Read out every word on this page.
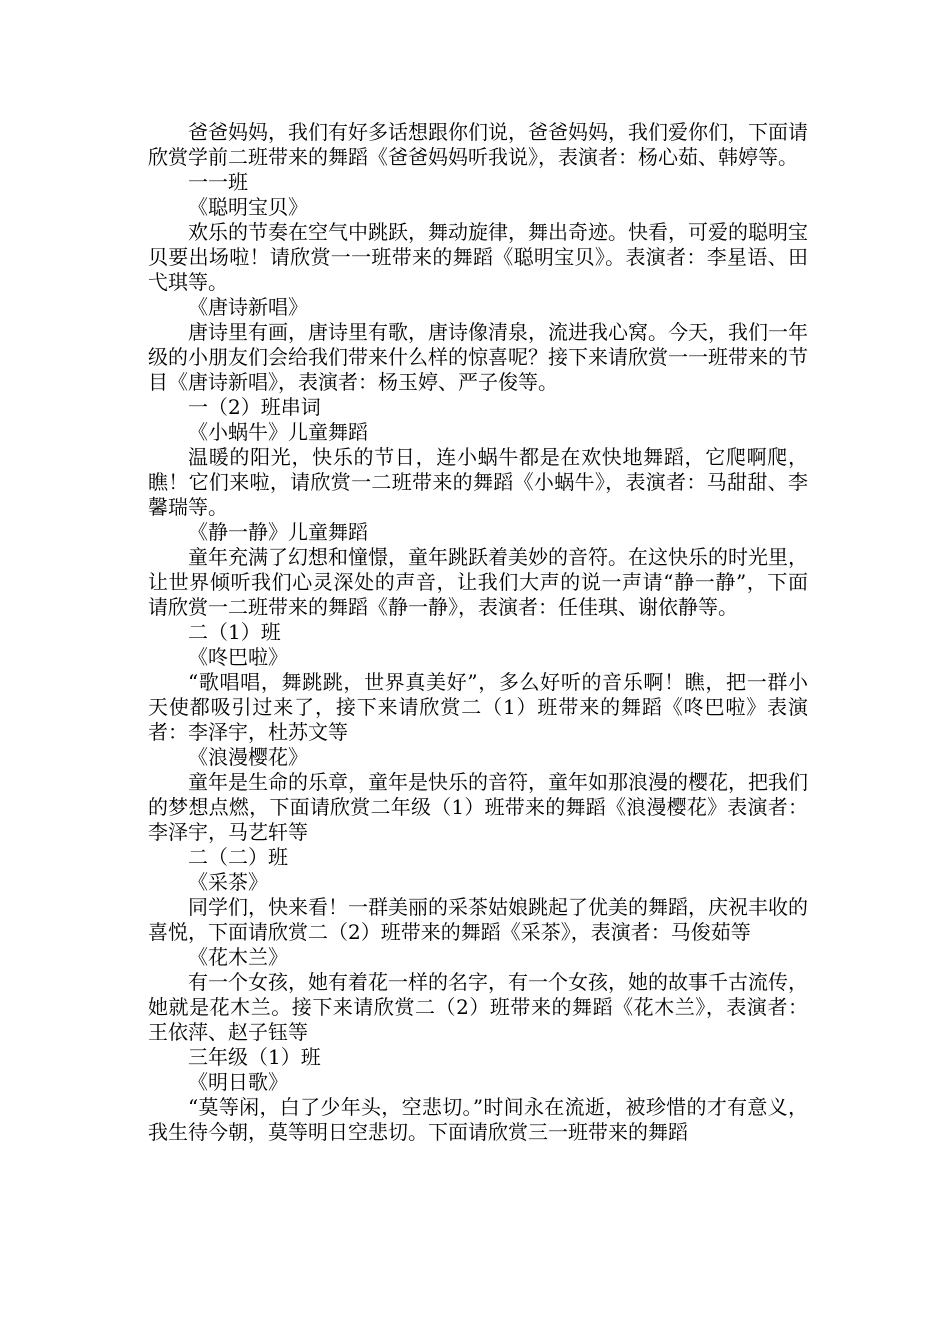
爸爸妈妈，我们有好多话想跟你们说，爸爸妈妈，我们爱你们，下面请欣赏学前二班带来的舞蹈《爸爸妈妈听我说》，表演者：杨心茹、韩婷等。

一一班

《聪明宝贝》

欢乐的节奏在空气中跳跃，舞动旋律，舞出奇迹。快看，可爱的聪明宝贝要出场啦！请欣赏一一班带来的舞蹈《聪明宝贝》。表演者：李星语、田弋琪等。

《唐诗新唱》

唐诗里有画，唐诗里有歌，唐诗像清泉，流进我心窝。今天，我们一年级的小朋友们会给我们带来什么样的惊喜呢？接下来请欣赏一一班带来的节目《唐诗新唱》，表演者：杨玉婷、严子俊等。

一（2）班串词

《小蜗牛》儿童舞蹈

温暖的阳光，快乐的节日，连小蜗牛都是在欢快地舞蹈，它爬啊爬，瞧！它们来啦，请欣赏一二班带来的舞蹈《小蜗牛》，表演者：马甜甜、李馨瑞等。

《静一静》儿童舞蹈

童年充满了幻想和憧憬，童年跳跃着美妙的音符。在这快乐的时光里，让世界倾听我们心灵深处的声音，让我们大声的说一声请“静一静”，下面请欣赏一二班带来的舞蹈《静一静》，表演者：任佳琪、谢依静等。

二（1）班

《咚巴啦》

“歌唱唱，舞跳跳，世界真美好”，多么好听的音乐啊！瞧，把一群小天使都吸引过来了，接下来请欣赏二（1）班带来的舞蹈《咚巴啦》表演者：李泽宇，杜苏文等

《浪漫樱花》

童年是生命的乐章，童年是快乐的音符，童年如那浪漫的樱花，把我们的梦想点燃，下面请欣赏二年级（1）班带来的舞蹈《浪漫樱花》表演者：李泽宇，马艺轩等

二（二）班

《采茶》

同学们，快来看！一群美丽的采茶姑娘跳起了优美的舞蹈，庆祝丰收的喜悦，下面请欣赏二（2）班带来的舞蹈《采茶》，表演者：马俊茹等

《花木兰》

有一个女孩，她有着花一样的名字，有一个女孩，她的故事千古流传，她就是花木兰。接下来请欣赏二（2）班带来的舞蹈《花木兰》，表演者：王依萍、赵子钰等

三年级（1）班

《明日歌》

“莫等闲，白了少年头，空悲切。”时间永在流逝，被珍惜的才有意义，我生待今朝，莫等明日空悲切。下面请欣赏三一班带来的舞蹈
